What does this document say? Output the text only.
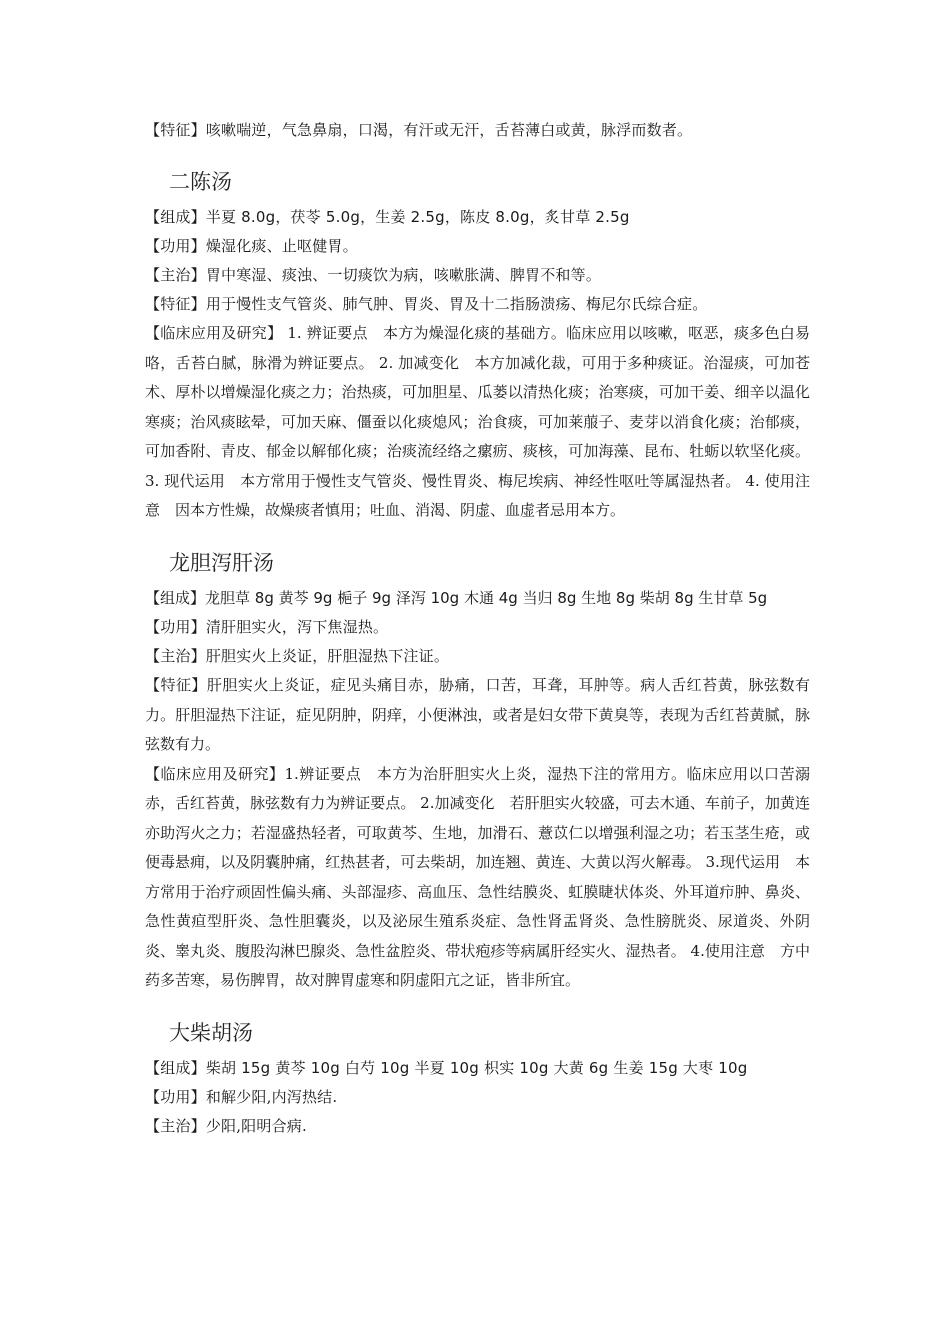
【特征】咳嗽喘逆，气急鼻扇，口渴，有汗或无汗，舌苔薄白或黄，脉浮而数者。
二陈汤
【组成】半夏 8.0g，茯苓 5.0g，生姜 2.5g，陈皮 8.0g，炙甘草 2.5g
【功用】燥湿化痰、止呕健胃。
【主治】胃中寒湿、痰浊、一切痰饮为病，咳嗽胀满、脾胃不和等。
【特征】用于慢性支气管炎、肺气肿、胃炎、胃及十二指肠溃疡、梅尼尔氏综合症。
【临床应用及研究】 1. 辨证要点　本方为燥湿化痰的基础方。临床应用以咳嗽，呕恶，痰多色白易咯，舌苔白腻，脉滑为辨证要点。 2. 加减变化　本方加减化裁，可用于多种痰证。治湿痰，可加苍术、厚朴以增燥湿化痰之力；治热痰，可加胆星、瓜蒌以清热化痰；治寒痰，可加干姜、细辛以温化寒痰；治风痰眩晕，可加天麻、僵蚕以化痰熄风；治食痰，可加莱菔子、麦芽以消食化痰；治郁痰，可加香附、青皮、郁金以解郁化痰；治痰流经络之瘰疬、痰核，可加海藻、昆布、牡蛎以软坚化痰。 3. 现代运用　本方常用于慢性支气管炎、慢性胃炎、梅尼埃病、神经性呕吐等属湿热者。 4. 使用注意　因本方性燥，故燥痰者慎用；吐血、消渴、阴虚、血虚者忌用本方。
龙胆泻肝汤
【组成】龙胆草 8g 黄芩 9g 梔子 9g 泽泻 10g 木通 4g 当归 8g 生地 8g 柴胡 8g 生甘草 5g
【功用】清肝胆实火，泻下焦湿热。
【主治】肝胆实火上炎证，肝胆湿热下注证。
【特征】肝胆实火上炎证，症见头痛目赤，胁痛，口苦，耳聋，耳肿等。病人舌红苔黄，脉弦数有力。肝胆湿热下注证，症见阴肿，阴痒，小便淋浊，或者是妇女带下黄臭等，表现为舌红苔黄腻，脉弦数有力。
【临床应用及研究】1.辨证要点　本方为治肝胆实火上炎，湿热下注的常用方。临床应用以口苦溺赤，舌红苔黄，脉弦数有力为辨证要点。 2.加减变化　若肝胆实火较盛，可去木通、车前子，加黄连亦助泻火之力；若湿盛热轻者，可取黄芩、生地，加滑石、薏苡仁以增强利湿之功；若玉茎生疮，或便毒悬痈，以及阴囊肿痛，红热甚者，可去柴胡，加连翘、黄连、大黄以泻火解毒。 3.现代运用　本方常用于治疗顽固性偏头痛、头部湿疹、高血压、急性结膜炎、虹膜睫状体炎、外耳道疖肿、鼻炎、急性黄疸型肝炎、急性胆囊炎，以及泌尿生殖系炎症、急性肾盂肾炎、急性膀胱炎、尿道炎、外阴炎、睾丸炎、腹股沟淋巴腺炎、急性盆腔炎、带状疱疹等病属肝经实火、湿热者。 4.使用注意　方中药多苦寒，易伤脾胃，故对脾胃虚寒和阴虚阳亢之证，皆非所宜。
大柴胡汤
【组成】柴胡 15g 黄芩 10g 白芍 10g 半夏 10g 枳实 10g 大黄 6g 生姜 15g 大枣 10g
【功用】和解少阳,内泻热结.
【主治】少阳,阳明合病.
